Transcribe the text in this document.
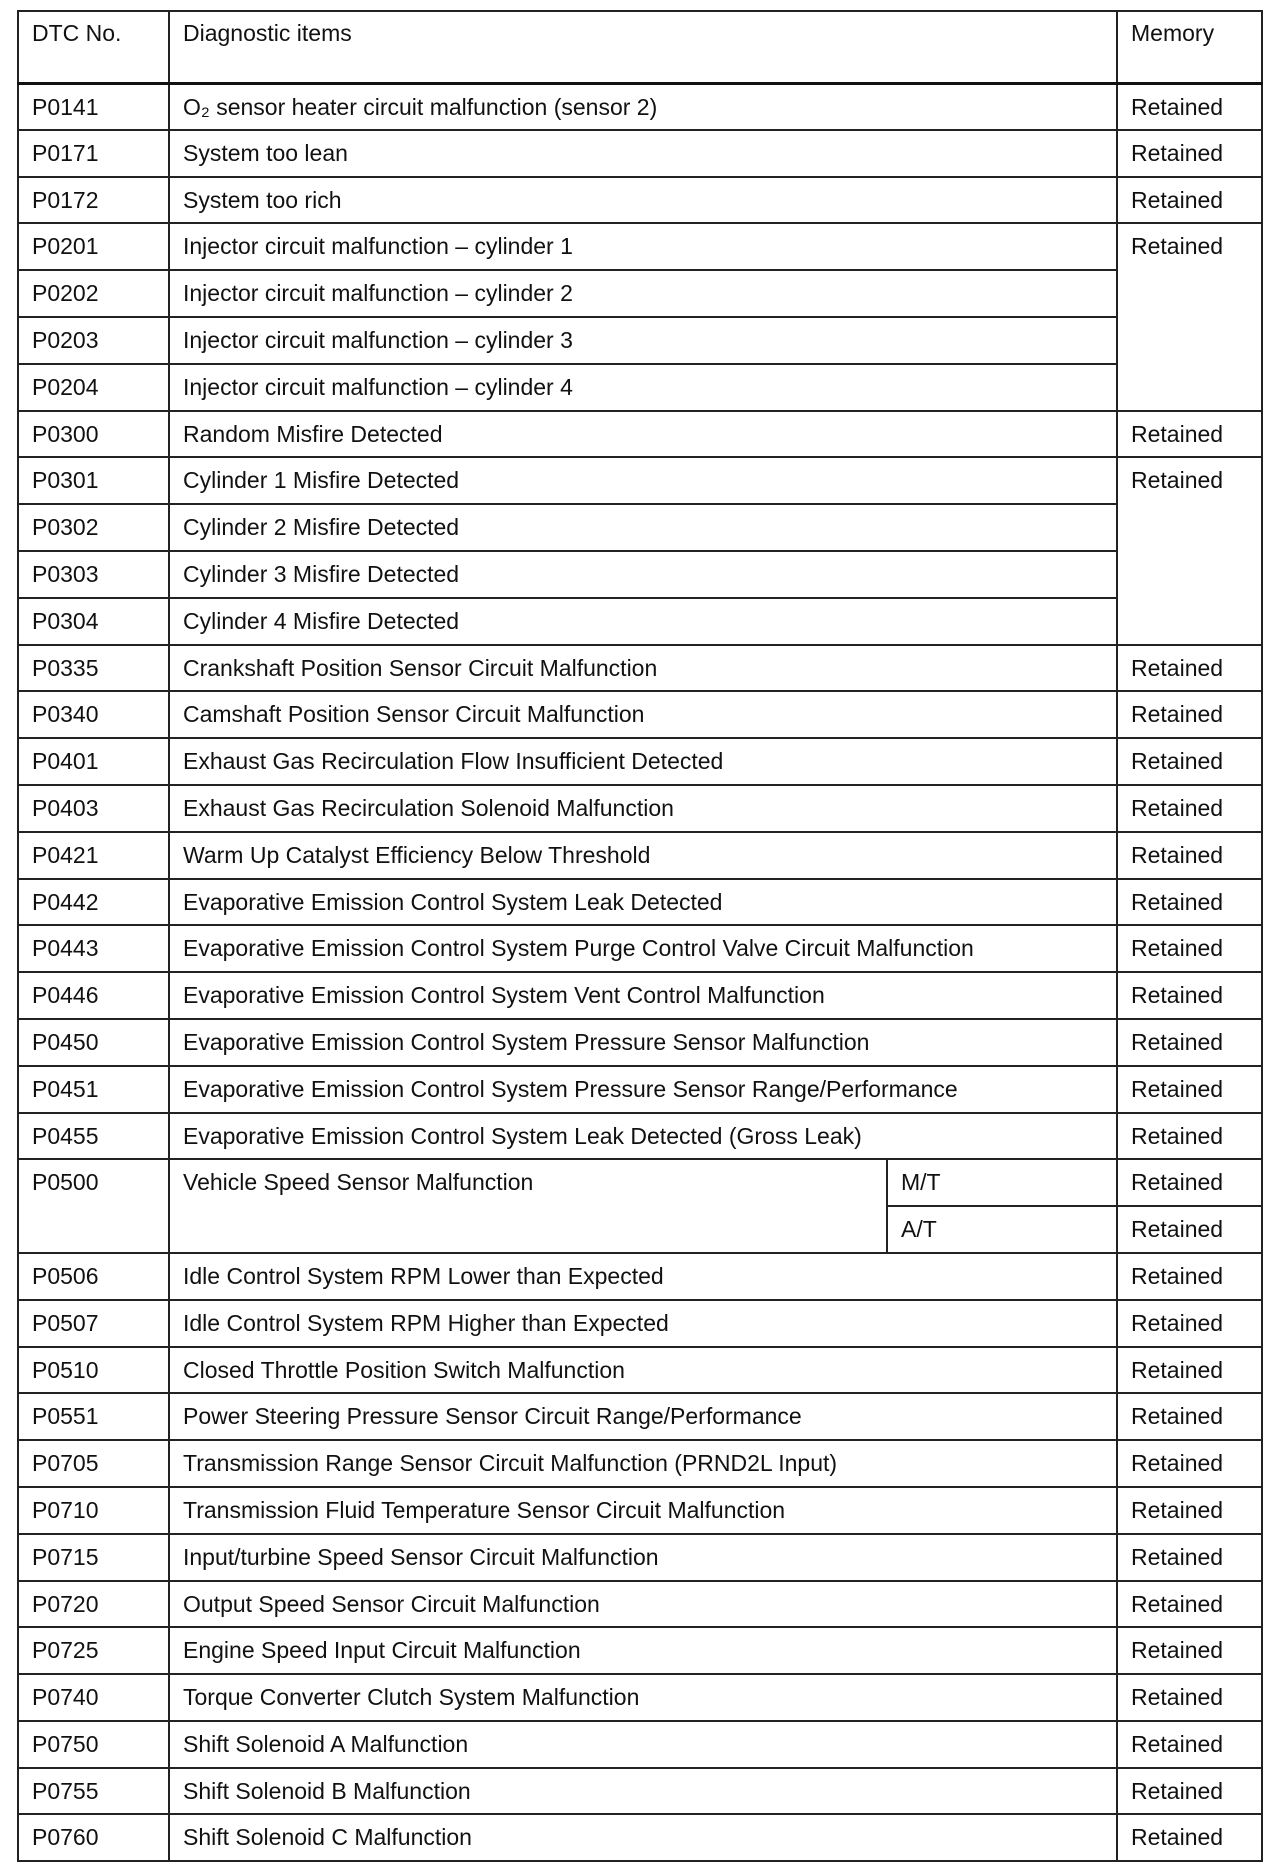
DTC No.	Diagnostic items		Memory
P0141	O₂ sensor heater circuit malfunction (sensor 2)		Retained
P0171	System too lean		Retained
P0172	System too rich		Retained
P0201	Injector circuit malfunction – cylinder 1		Retained
P0202	Injector circuit malfunction – cylinder 2		
P0203	Injector circuit malfunction – cylinder 3		
P0204	Injector circuit malfunction – cylinder 4		
P0300	Random Misfire Detected		Retained
P0301	Cylinder 1 Misfire Detected		Retained
P0302	Cylinder 2 Misfire Detected		
P0303	Cylinder 3 Misfire Detected		
P0304	Cylinder 4 Misfire Detected		
P0335	Crankshaft Position Sensor Circuit Malfunction		Retained
P0340	Camshaft Position Sensor Circuit Malfunction		Retained
P0401	Exhaust Gas Recirculation Flow Insufficient Detected		Retained
P0403	Exhaust Gas Recirculation Solenoid Malfunction		Retained
P0421	Warm Up Catalyst Efficiency Below Threshold		Retained
P0442	Evaporative Emission Control System Leak Detected		Retained
P0443	Evaporative Emission Control System Purge Control Valve Circuit Malfunction		Retained
P0446	Evaporative Emission Control System Vent Control Malfunction		Retained
P0450	Evaporative Emission Control System Pressure Sensor Malfunction		Retained
P0451	Evaporative Emission Control System Pressure Sensor Range/Performance		Retained
P0455	Evaporative Emission Control System Leak Detected (Gross Leak)		Retained
P0500	Vehicle Speed Sensor Malfunction	M/T	Retained
		A/T	Retained
P0506	Idle Control System RPM Lower than Expected		Retained
P0507	Idle Control System RPM Higher than Expected		Retained
P0510	Closed Throttle Position Switch Malfunction		Retained
P0551	Power Steering Pressure Sensor Circuit Range/Performance		Retained
P0705	Transmission Range Sensor Circuit Malfunction (PRND2L Input)		Retained
P0710	Transmission Fluid Temperature Sensor Circuit Malfunction		Retained
P0715	Input/turbine Speed Sensor Circuit Malfunction		Retained
P0720	Output Speed Sensor Circuit Malfunction		Retained
P0725	Engine Speed Input Circuit Malfunction		Retained
P0740	Torque Converter Clutch System Malfunction		Retained
P0750	Shift Solenoid A Malfunction		Retained
P0755	Shift Solenoid B Malfunction		Retained
P0760	Shift Solenoid C Malfunction		Retained
